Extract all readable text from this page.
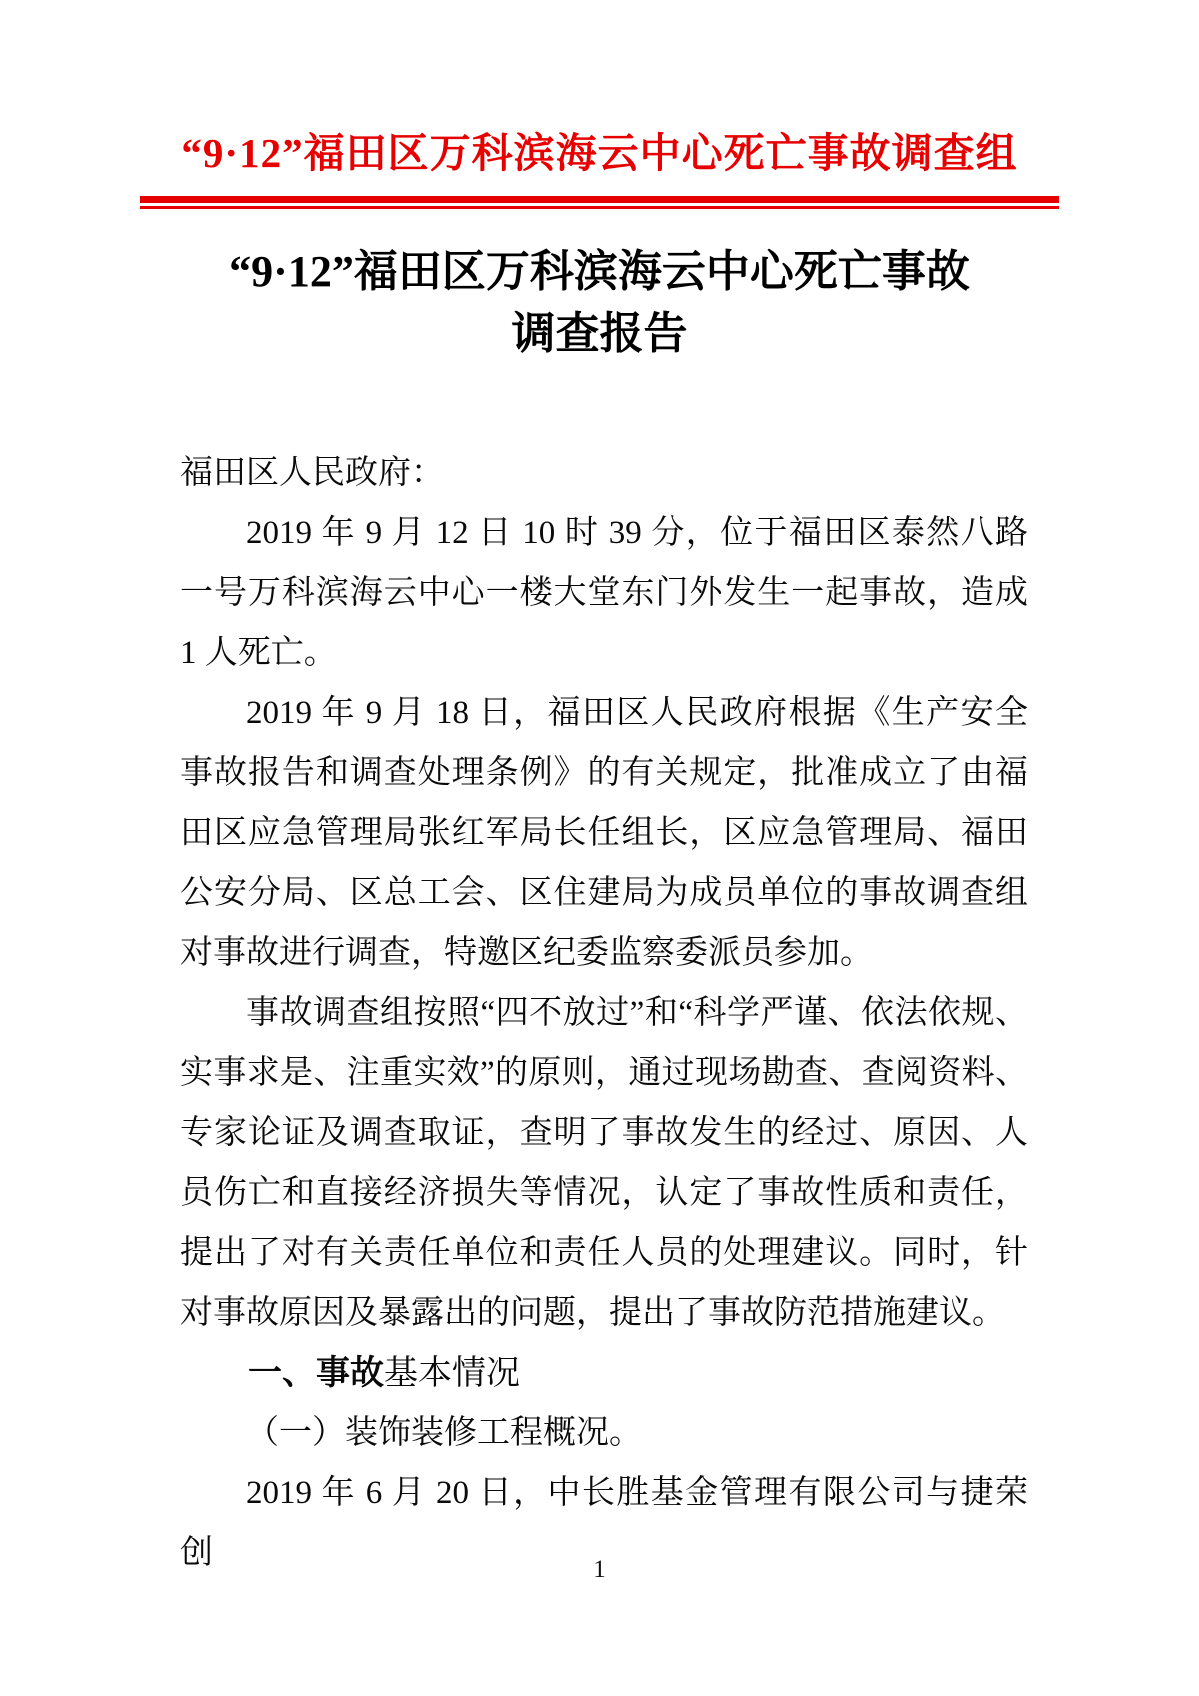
“9·12”福田区万科滨海云中心死亡事故调查组
“9·12”福田区万科滨海云中心死亡事故
调查报告

福田区人民政府：

2019 年 9 月 12 日 10 时 39 分，位于福田区泰然八路一号万科滨海云中心一楼大堂东门外发生一起事故，造成 1 人死亡。

2019 年 9 月 18 日，福田区人民政府根据《生产安全事故报告和调查处理条例》的有关规定，批准成立了由福田区应急管理局张红军局长任组长，区应急管理局、福田公安分局、区总工会、区住建局为成员单位的事故调查组对事故进行调查，特邀区纪委监察委派员参加。

事故调查组按照“四不放过”和“科学严谨、依法依规、实事求是、注重实效”的原则，通过现场勘查、查阅资料、专家论证及调查取证，查明了事故发生的经过、原因、人员伤亡和直接经济损失等情况，认定了事故性质和责任，提出了对有关责任单位和责任人员的处理建议。同时，针对事故原因及暴露出的问题，提出了事故防范措施建议。

一、事故基本情况

（一）装饰装修工程概况。

2019 年 6 月 20 日，中长胜基金管理有限公司与捷荣创	1
